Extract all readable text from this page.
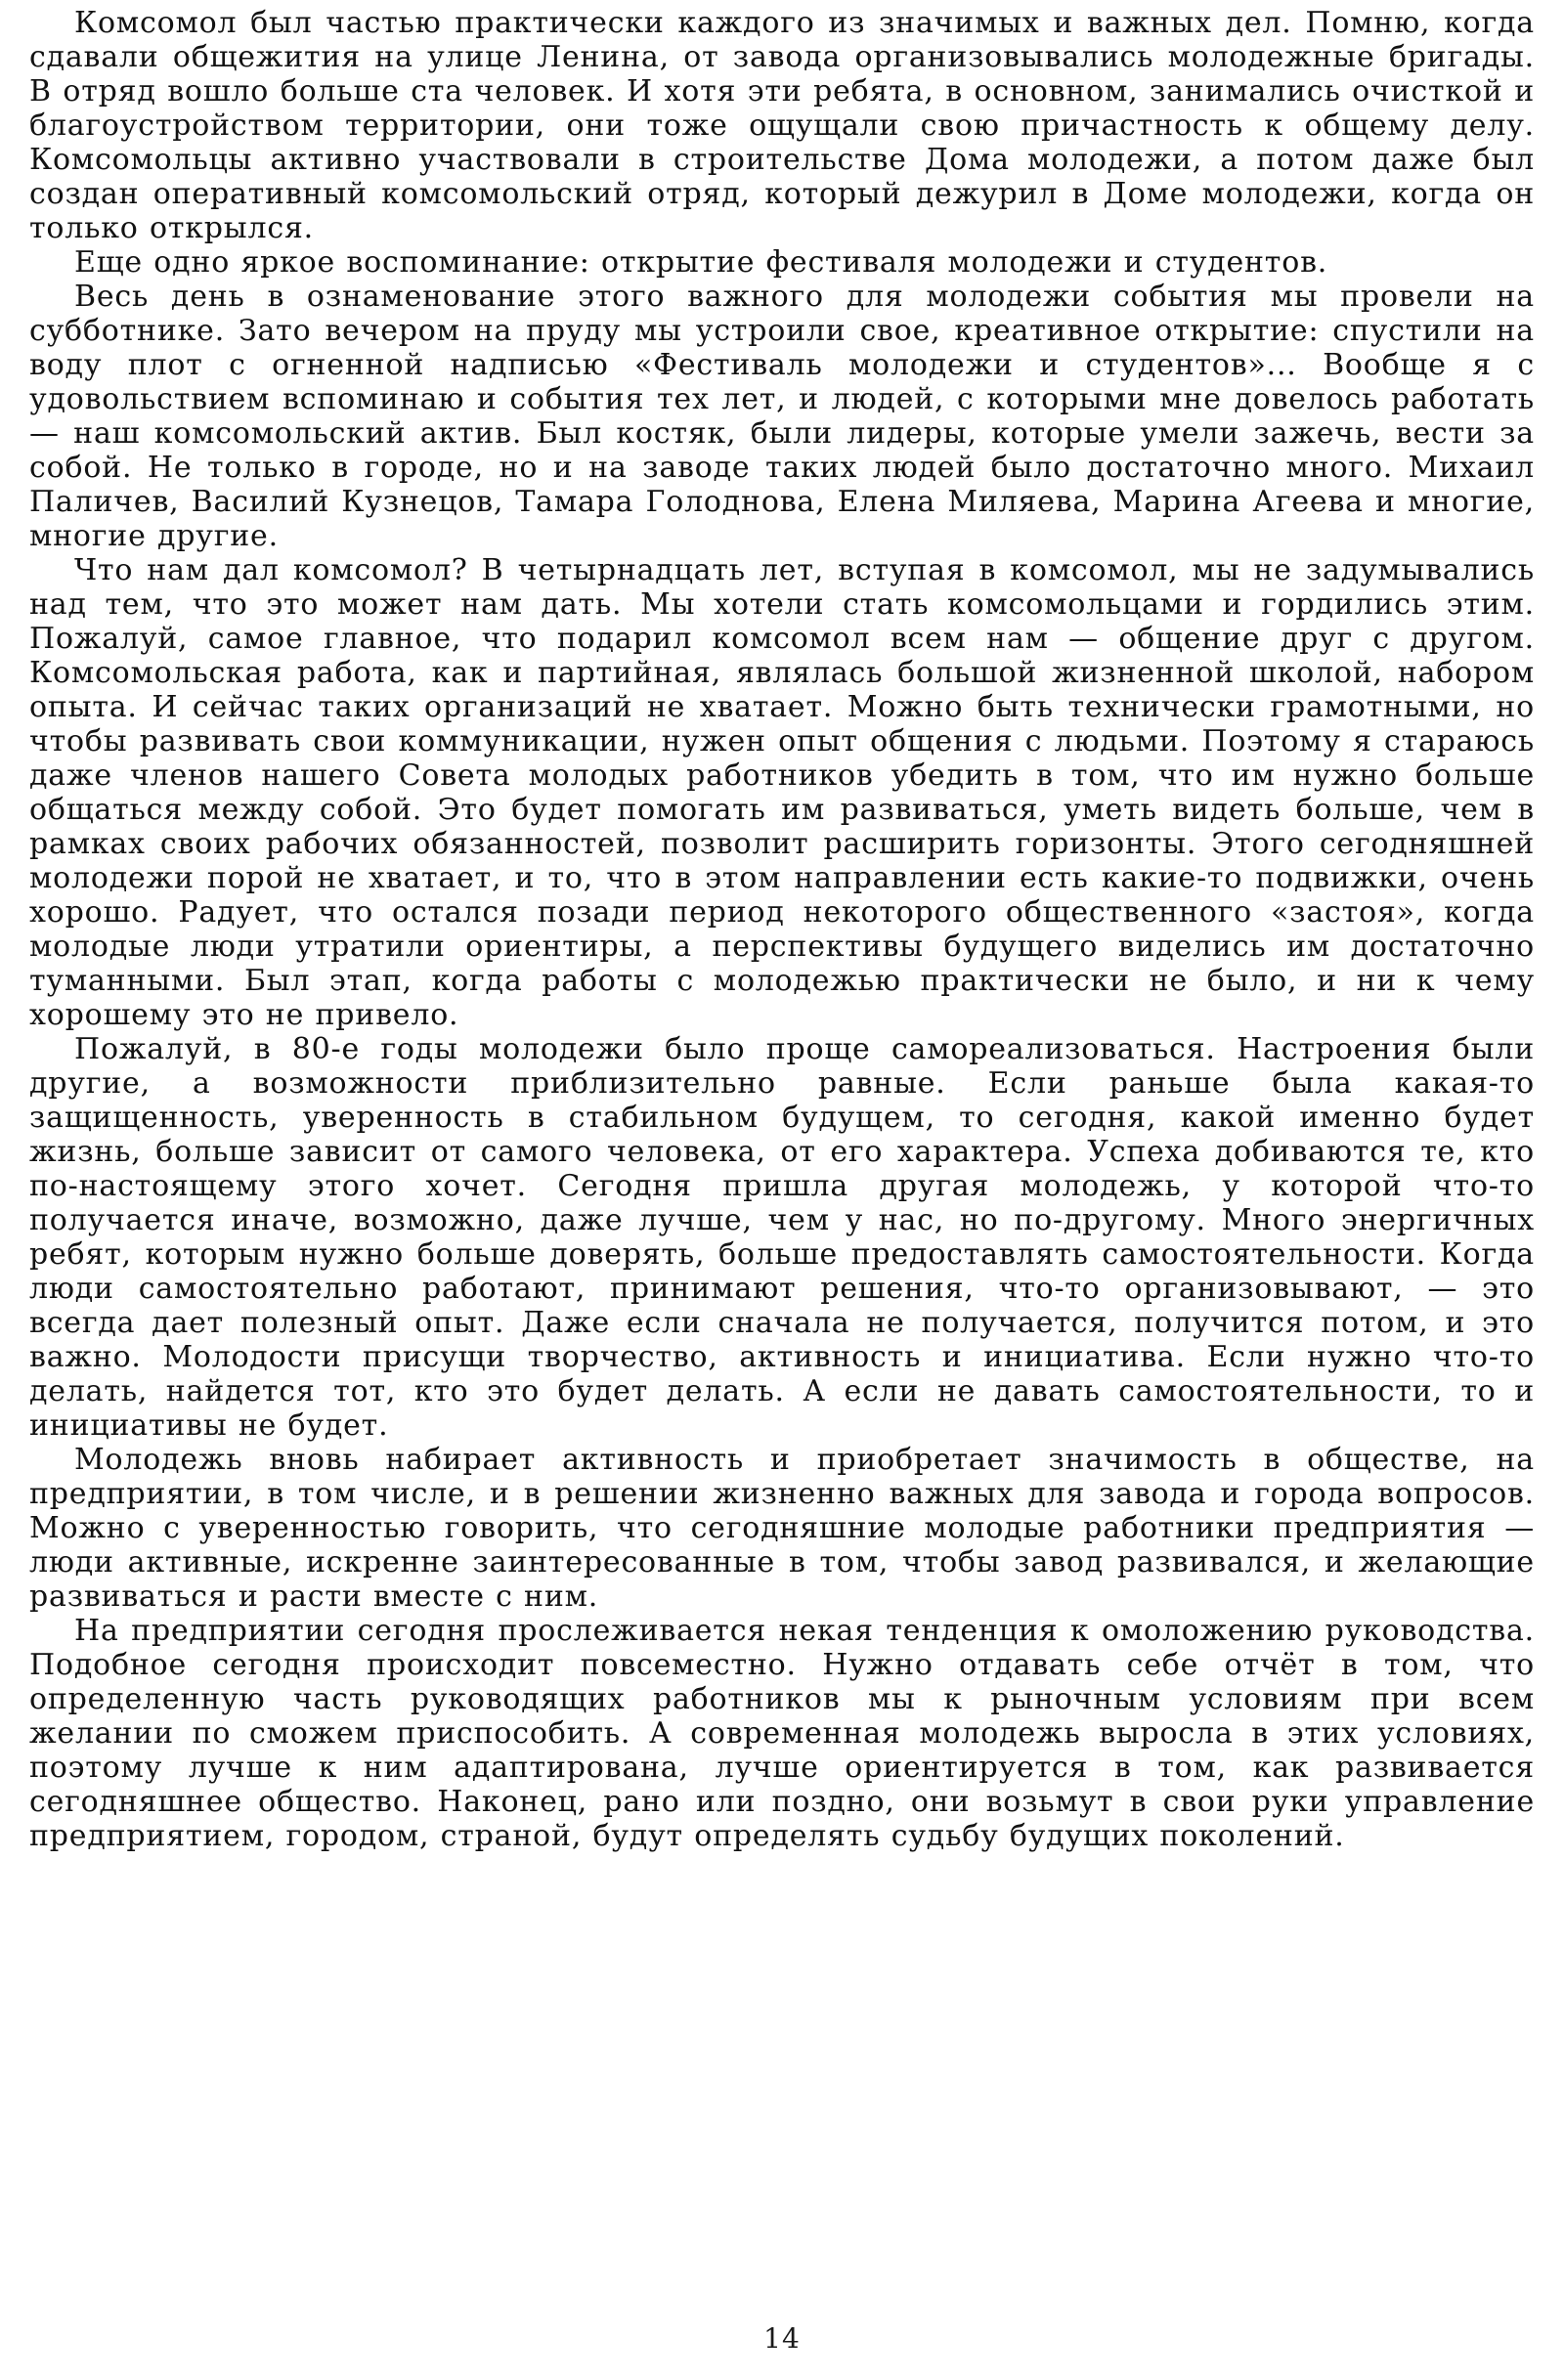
Комсомол был частью практически каждого из значимых и важных дел. Помню, когда сдавали общежития на улице Ленина, от завода организовывались молодежные бригады. В отряд вошло больше ста человек. И хотя эти ребята, в основном, занимались очисткой и благоустройством территории, они тоже ощущали свою причастность к общему делу. Комсомольцы активно участвовали в строительстве Дома молодежи, а потом даже был создан оперативный комсомольский отряд, который дежурил в Доме молодежи, когда он только открылся.

Еще одно яркое воспоминание: открытие фестиваля молодежи и студентов.

Весь день в ознаменование этого важного для молодежи события мы провели на субботнике. Зато вечером на пруду мы устроили свое, креативное открытие: спустили на воду плот с огненной надписью «Фестиваль молодежи и студентов»... Вообще я с удовольствием вспоминаю и события тех лет, и людей, с которыми мне довелось работать — наш комсомольский актив. Был костяк, были лидеры, которые умели зажечь, вести за собой. Не только в городе, но и на заводе таких людей было достаточно много. Михаил Паличев, Василий Кузнецов, Тамара Голоднова, Елена Миляева, Марина Агеева и многие, многие другие.

Что нам дал комсомол? В четырнадцать лет, вступая в комсомол, мы не задумывались над тем, что это может нам дать. Мы хотели стать комсомольцами и гордились этим. Пожалуй, самое главное, что подарил комсомол всем нам — общение друг с другом. Комсомольская работа, как и партийная, являлась большой жизненной школой, набором опыта. И сейчас таких организаций не хватает. Можно быть технически грамотными, но чтобы развивать свои коммуникации, нужен опыт общения с людьми. Поэтому я стараюсь даже членов нашего Совета молодых работников убедить в том, что им нужно больше общаться между собой. Это будет помогать им развиваться, уметь видеть больше, чем в рамках своих рабочих обязанностей, позволит расширить горизонты. Этого сегодняшней молодежи порой не хватает, и то, что в этом направлении есть какие-то подвижки, очень хорошо. Радует, что остался позади период некоторого общественного «застоя», когда молодые люди утратили ориентиры, а перспективы будущего виделись им достаточно туманными. Был этап, когда работы с молодежью практически не было, и ни к чему хорошему это не привело.

Пожалуй, в 80-е годы молодежи было проще самореализоваться. Настроения были другие, а возможности приблизительно равные. Если раньше была какая-то защищенность, уверенность в стабильном будущем, то сегодня, какой именно будет жизнь, больше зависит от самого человека, от его характера. Успеха добиваются те, кто по-настоящему этого хочет. Сегодня пришла другая молодежь, у которой что-то получается иначе, возможно, даже лучше, чем у нас, но по-другому. Много энергичных ребят, которым нужно больше доверять, больше предоставлять самостоятельности. Когда люди самостоятельно работают, принимают решения, что-то организовывают, — это всегда дает полезный опыт. Даже если сначала не получается, получится потом, и это важно. Молодости присущи творчество, активность и инициатива. Если нужно что-то делать, найдется тот, кто это будет делать. А если не давать самостоятельности, то и инициативы не будет.

Молодежь вновь набирает активность и приобретает значимость в обществе, на предприятии, в том числе, и в решении жизненно важных для завода и города вопросов. Можно с уверенностью говорить, что сегодняшние молодые работники предприятия — люди активные, искренне заинтересованные в том, чтобы завод развивался, и желающие развиваться и расти вместе с ним.

На предприятии сегодня прослеживается некая тенденция к омоложению руководства. Подобное сегодня происходит повсеместно. Нужно отдавать себе отчёт в том, что определенную часть руководящих работников мы к рыночным условиям при всем желании по сможем приспособить. А современная молодежь выросла в этих условиях, поэтому лучше к ним адаптирована, лучше ориентируется в том, как развивается сегодняшнее общество. Наконец, рано или поздно, они возьмут в свои руки управление предприятием, городом, страной, будут определять судьбу будущих поколений.

14
